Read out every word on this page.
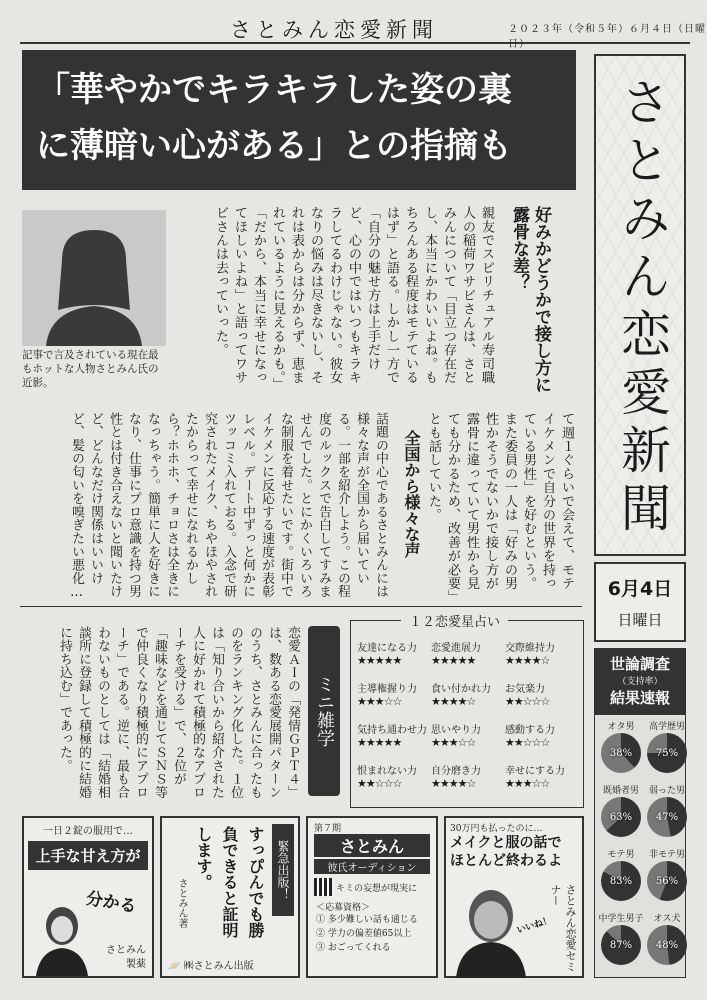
さとみん恋愛新聞	２０２３年（令和５年）６月４日（日曜日）
「華やかでキラキラした姿の裏
に薄暗い心がある」との指摘も	さとみん恋愛新聞
6月4日
日曜日
世論調査
（支持率）
結果速報
オタ男
38%
高学歴男
75%
既婚者男
63%
弱った男
47%
モテ男
83%
非モテ男
56%
中学生男子
87%
オス犬
48%
記事で言及されている現在最もホットな人物さとみん氏の近影。	好みかどうかで接し方に露骨な差？
親友でスピリチュアル寿司職人の稲荷ワサビさんは、さとみんについて「目立つ存在だし、本当にかわいいよね。もちろんある程度はモテているはず」と語る。しかし一方で「自分の魅せ方は上手だけど、心の中ではいつもキラキラしてるわけじゃない。彼女なりの悩みは尽きないし、それは表からは分からず、恵まれているように見えるかも。」「だから、本当に幸せになってほしいよね」と語ってワサビさんは去っていった。
て週１ぐらいで会えて、モテイケメンで自分の世界を持っている男性」を好むという。また委員の一人は「好みの男性かそうでないかで接し方が露骨に違っていて男性から見ても分かるため、改善が必要」とも話していた。
全国から様々な声
話題の中心であるさとみんには様々な声が全国から届いている。一部を紹介しよう。この程度のルックスで告白してすみませんでした。とにかくいろいろな制服を着せたいです。街中でイケメンに反応する速度が表彰レベル。デート中ずっと何かにツッコミ入れておる。入念で研究されたメイク、ちやほやされたからって幸せになれるかしら？ホホホ、チョロさは全きになっちゃう。簡単に人を好きになり、仕事にプロ意識を持つ男性とは付き合えないと聞いたけど、どんなだけ関係はいいけど、髪の匂いを嗅ぎたい悪化…
ミニ雑学
恋愛ＡＩの「発情ＧＰＴ４」は、数ある恋愛展開パターンのうち、さとみんに合ったものをランキング化した。１位は「知り合いから紹介された人に好かれて積極的なアプローチを受ける」で、２位が「趣味などを通じてＳＮＳ等で仲良くなり積極的にアプローチ」である。逆に、最も合わないものとしては「結婚相談所に登録して積極的に結婚に持ち込む」であった。
１２恋愛星占い
友達になる力
★★★★★
恋愛進展力
★★★★★
交際維持力
★★★★☆
主導権握り力
★★★☆☆
食い付かれ力
★★★★☆
お気楽力
★★☆☆☆
気持ち通わせ力
★★★★★
思いやり力
★★★☆☆
感動する力
★★☆☆☆
恨まれない力
★★☆☆☆
自分磨き力
★★★★☆
幸せにする力
★★★☆☆
一日２錠の服用で…
上手な甘え方が
分かる
さとみん
製薬
緊急出版！
すっぴんでも勝負できると証明します。
さとみん著
🪐 ㈱さとみん出版
第７期
さとみん
彼氏オーディション
キミの妄想が現実に
＜応募資格＞
① 多少難しい話も通じる
② 学力の偏差値65以上
③ おごってくれる
30万円も払ったのに…
メイクと服の話で
ほとんど終わるよ
いいね！ さとみん恋愛セミナー
